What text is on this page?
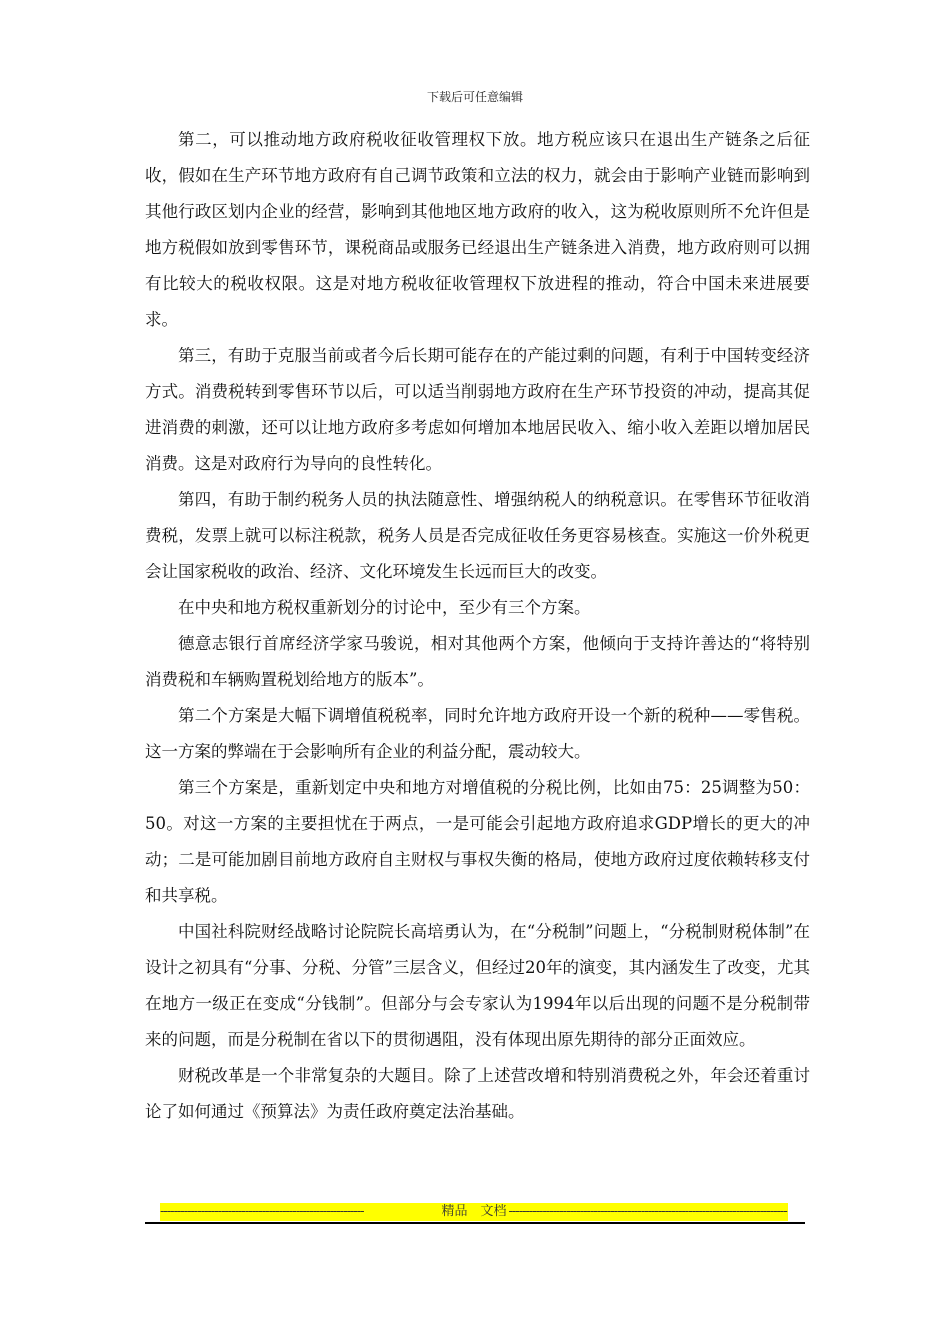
下载后可任意编辑

第二，可以推动地方政府税收征收管理权下放。地方税应该只在退出生产链条之后征收，假如在生产环节地方政府有自己调节政策和立法的权力，就会由于影响产业链而影响到其他行政区划内企业的经营，影响到其他地区地方政府的收入，这为税收原则所不允许但是地方税假如放到零售环节，课税商品或服务已经退出生产链条进入消费，地方政府则可以拥有比较大的税收权限。这是对地方税收征收管理权下放进程的推动，符合中国未来进展要求。

第三，有助于克服当前或者今后长期可能存在的产能过剩的问题，有利于中国转变经济方式。消费税转到零售环节以后，可以适当削弱地方政府在生产环节投资的冲动，提高其促进消费的刺激，还可以让地方政府多考虑如何增加本地居民收入、缩小收入差距以增加居民消费。这是对政府行为导向的良性转化。

第四，有助于制约税务人员的执法随意性、增强纳税人的纳税意识。在零售环节征收消费税，发票上就可以标注税款，税务人员是否完成征收任务更容易核查。实施这一价外税更会让国家税收的政治、经济、文化环境发生长远而巨大的改变。

在中央和地方税权重新划分的讨论中，至少有三个方案。

德意志银行首席经济学家马骏说，相对其他两个方案，他倾向于支持许善达的“将特别消费税和车辆购置税划给地方的版本”。

第二个方案是大幅下调增值税税率，同时允许地方政府开设一个新的税种——零售税。这一方案的弊端在于会影响所有企业的利益分配，震动较大。

第三个方案是，重新划定中央和地方对增值税的分税比例，比如由75：25调整为50：50。对这一方案的主要担忧在于两点，一是可能会引起地方政府追求GDP增长的更大的冲动；二是可能加剧目前地方政府自主财权与事权失衡的格局，使地方政府过度依赖转移支付和共享税。

中国社科院财经战略讨论院院长高培勇认为，在“分税制”问题上，“分税制财税体制”在设计之初具有“分事、分税、分管”三层含义，但经过20年的演变，其内涵发生了改变，尤其在地方一级正在变成“分钱制”。但部分与会专家认为1994年以后出现的问题不是分税制带来的问题，而是分税制在省以下的贯彻遇阻，没有体现出原先期待的部分正面效应。

财税改革是一个非常复杂的大题目。除了上述营改增和特别消费税之外，年会还着重讨论了如何通过《预算法》为责任政府奠定法治基础。

------------------------------------------------------------	精品　文档 ----------------------------------------------------------------------------------
